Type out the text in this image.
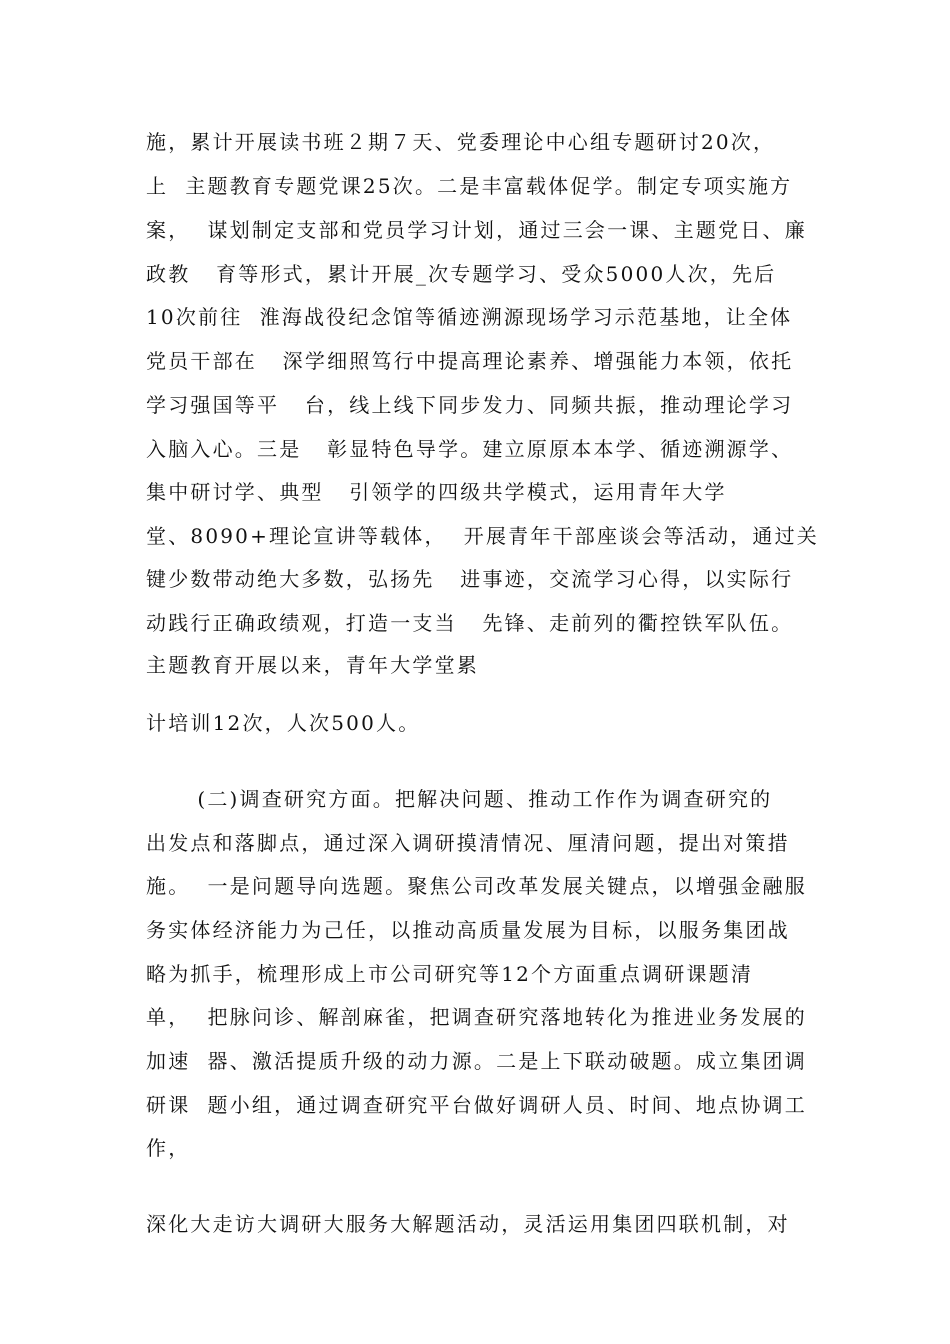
施，累计开展读书班２期７天、党委理论中心组专题研讨20次，
上  主题教育专题党课25次。二是丰富载体促学。制定专项实施方
案，  谋划制定支部和党员学习计划，通过三会一课、主题党日、廉
政教   育等形式，累计开展_次专题学习、受众5000人次，先后
10次前往  淮海战役纪念馆等循迹溯源现场学习示范基地，让全体
党员干部在   深学细照笃行中提高理论素养、增强能力本领，依托
学习强国等平   台，线上线下同步发力、同频共振，推动理论学习
入脑入心。三是   彰显特色导学。建立原原本本学、循迹溯源学、
集中研讨学、典型   引领学的四级共学模式，运用青年大学
堂、8090+理论宣讲等载体，  开展青年干部座谈会等活动，通过关
键少数带动绝大多数，弘扬先   进事迹，交流学习心得，以实际行
动践行正确政绩观，打造一支当   先锋、走前列的衢控铁军队伍。
主题教育开展以来，青年大学堂累
计培训12次，人次500人。
(二)调查研究方面。把解决问题、推动工作作为调查研究的
出发点和落脚点，通过深入调研摸清情况、厘清问题，提出对策措
施。  一是问题导向选题。聚焦公司改革发展关键点，以增强金融服
务实体经济能力为己任，以推动高质量发展为目标，以服务集团战
略为抓手，梳理形成上市公司研究等12个方面重点调研课题清
单，  把脉问诊、解剖麻雀，把调查研究落地转化为推进业务发展的
加速  器、激活提质升级的动力源。二是上下联动破题。成立集团调
研课  题小组，通过调查研究平台做好调研人员、时间、地点协调工
作，
深化大走访大调研大服务大解题活动，灵活运用集团四联机制，对
